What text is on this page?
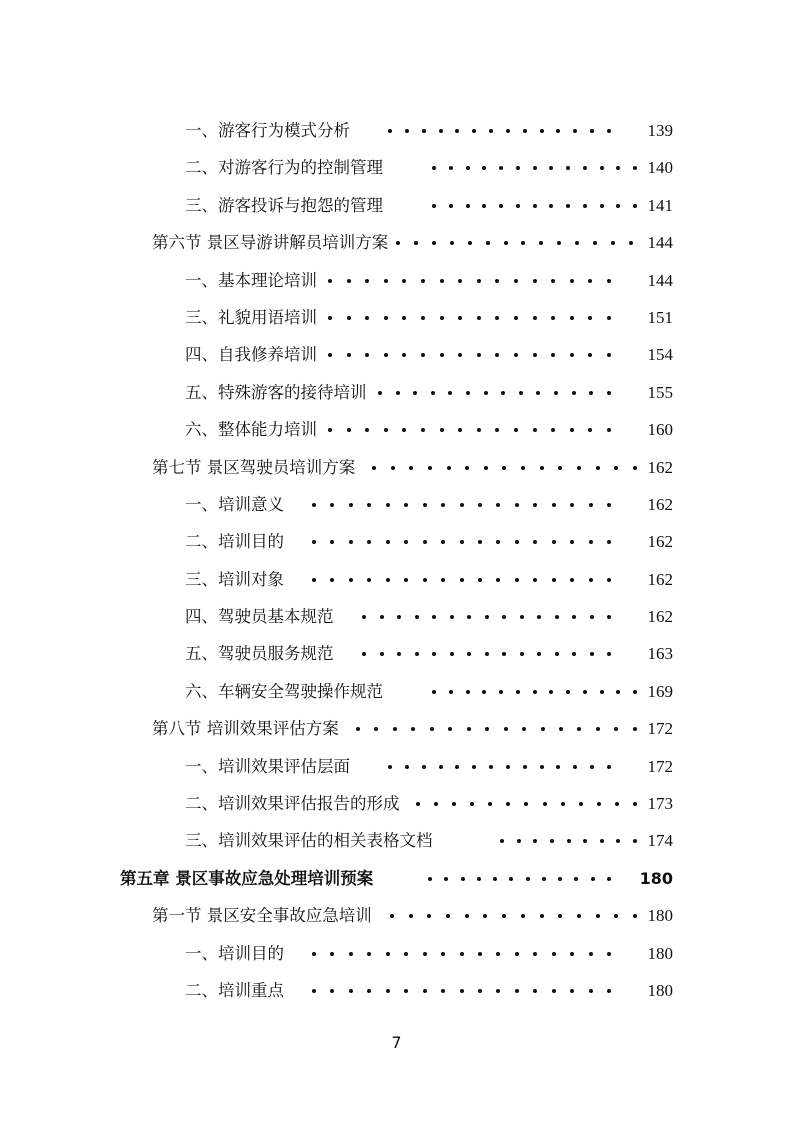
一、游客行为模式分析	139
二、对游客行为的控制管理	140
三、游客投诉与抱怨的管理	141
第六节 景区导游讲解员培训方案	144
一、基本理论培训	144
三、礼貌用语培训	151
四、自我修养培训	154
五、特殊游客的接待培训	155
六、整体能力培训	160
第七节 景区驾驶员培训方案	162
一、培训意义	162
二、培训目的	162
三、培训对象	162
四、驾驶员基本规范	162
五、驾驶员服务规范	163
六、车辆安全驾驶操作规范	169
第八节 培训效果评估方案	172
一、培训效果评估层面	172
二、培训效果评估报告的形成	173
三、培训效果评估的相关表格文档	174
第五章 景区事故应急处理培训预案	180
第一节 景区安全事故应急培训	180
一、培训目的	180
二、培训重点	180
7
